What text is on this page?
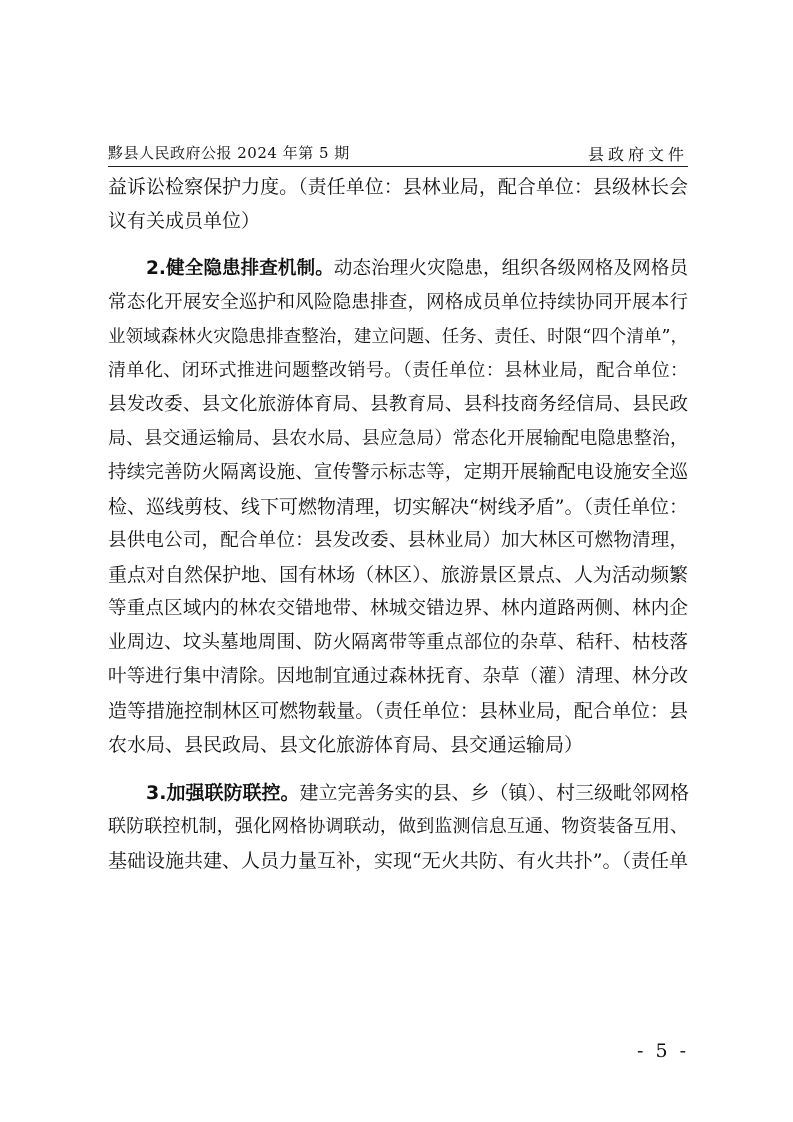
黟县人民政府公报 2024 年第 5 期	县政府文件
益诉讼检察保护力度。（责任单位：县林业局，配合单位：县级林长会
议有关成员单位）
2.健全隐患排查机制。动态治理火灾隐患，组织各级网格及网格员
常态化开展安全巡护和风险隐患排查，网格成员单位持续协同开展本行
业领域森林火灾隐患排查整治，建立问题、任务、责任、时限“四个清单”，
清单化、闭环式推进问题整改销号。（责任单位：县林业局，配合单位：
县发改委、县文化旅游体育局、县教育局、县科技商务经信局、县民政
局、县交通运输局、县农水局、县应急局）常态化开展输配电隐患整治，
持续完善防火隔离设施、宣传警示标志等，定期开展输配电设施安全巡
检、巡线剪枝、线下可燃物清理，切实解决“树线矛盾”。（责任单位：
县供电公司，配合单位：县发改委、县林业局）加大林区可燃物清理，
重点对自然保护地、国有林场（林区）、旅游景区景点、人为活动频繁
等重点区域内的林农交错地带、林城交错边界、林内道路两侧、林内企
业周边、坟头墓地周围、防火隔离带等重点部位的杂草、秸秆、枯枝落
叶等进行集中清除。因地制宜通过森林抚育、杂草（灌）清理、林分改
造等措施控制林区可燃物载量。（责任单位：县林业局，配合单位：县
农水局、县民政局、县文化旅游体育局、县交通运输局）
3.加强联防联控。建立完善务实的县、乡（镇）、村三级毗邻网格
联防联控机制，强化网格协调联动，做到监测信息互通、物资装备互用、
基础设施共建、人员力量互补，实现“无火共防、有火共扑”。（责任单
- 5 -
